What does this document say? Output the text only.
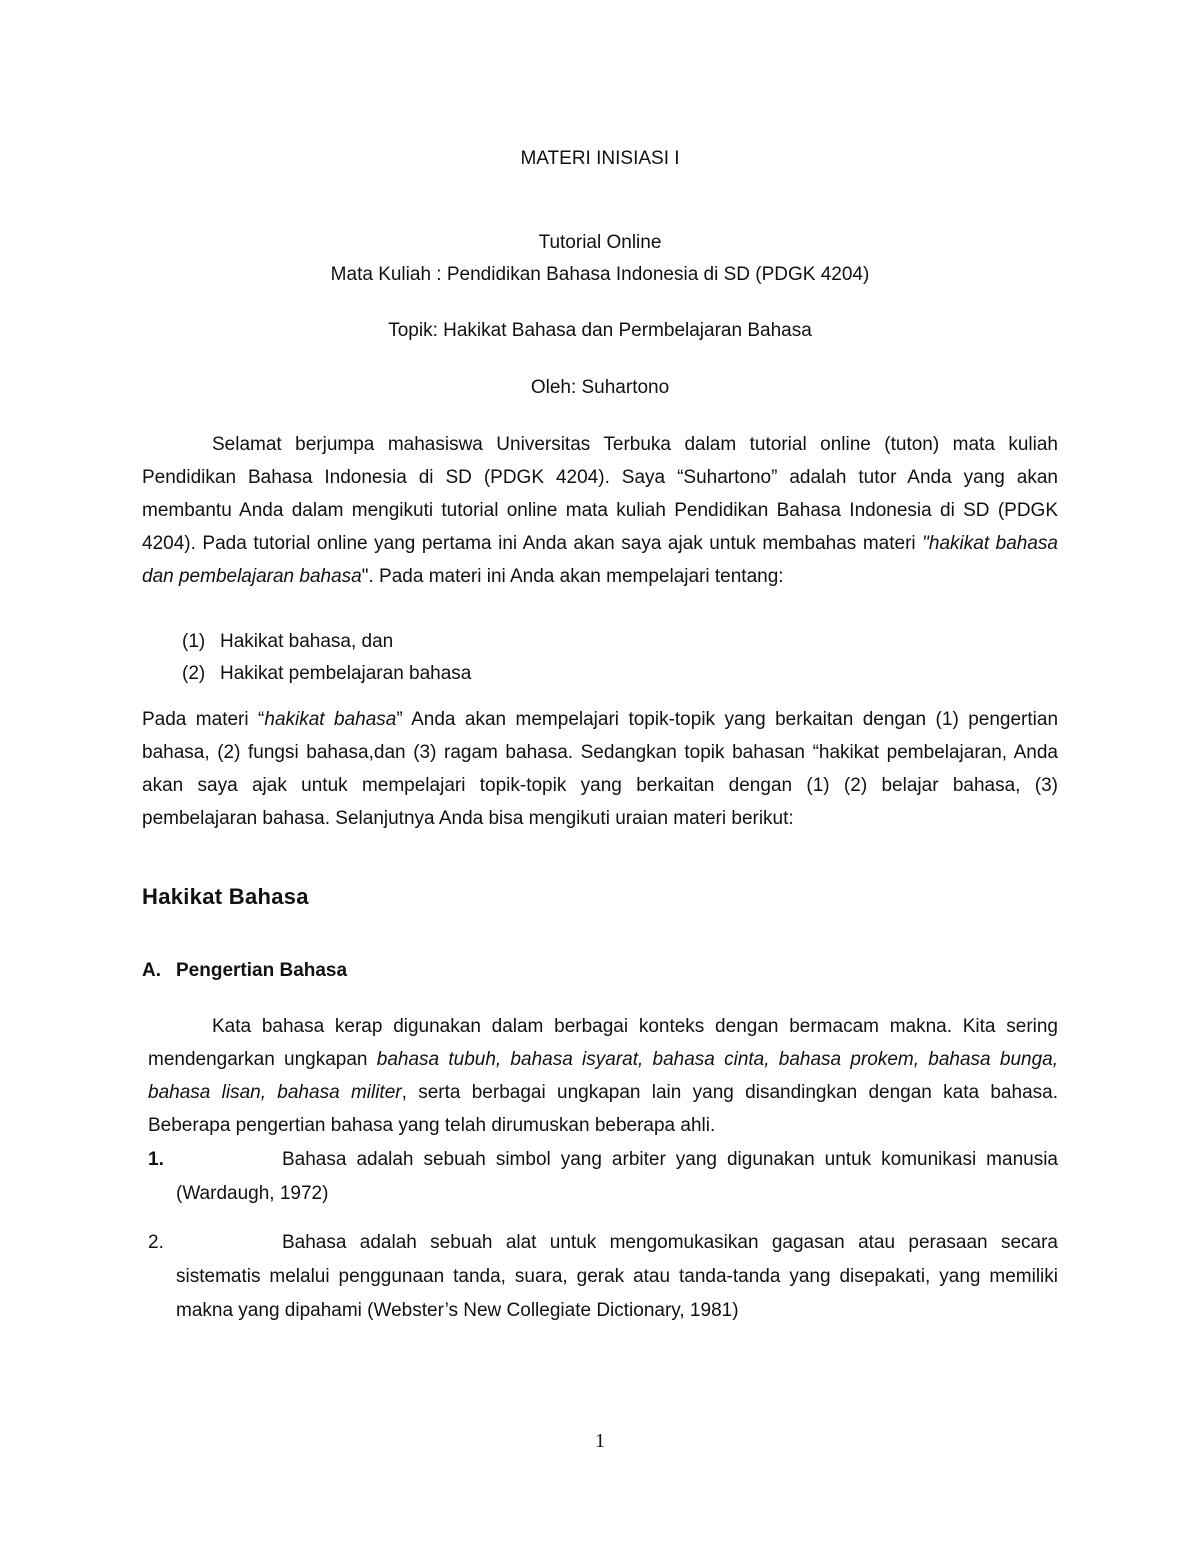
MATERI INISIASI I
Tutorial Online
Mata Kuliah : Pendidikan Bahasa Indonesia di SD (PDGK 4204)
Topik: Hakikat Bahasa dan Permbelajaran Bahasa
Oleh: Suhartono

Selamat berjumpa mahasiswa Universitas Terbuka dalam tutorial online (tuton) mata kuliah Pendidikan Bahasa Indonesia di SD (PDGK 4204). Saya “Suhartono” adalah tutor Anda yang akan membantu Anda dalam mengikuti tutorial online mata kuliah Pendidikan Bahasa Indonesia di SD (PDGK 4204). Pada tutorial online yang pertama ini Anda akan saya ajak untuk membahas materi "hakikat bahasa dan pembelajaran bahasa". Pada materi ini Anda akan mempelajari tentang:

(1) Hakikat bahasa, dan
(2) Hakikat pembelajaran bahasa

Pada materi “hakikat bahasa” Anda akan mempelajari topik-topik yang berkaitan dengan (1) pengertian bahasa, (2) fungsi bahasa,dan (3) ragam bahasa. Sedangkan topik bahasan “hakikat pembelajaran, Anda akan saya ajak untuk mempelajari topik-topik yang berkaitan dengan (1) (2) belajar bahasa, (3) pembelajaran bahasa. Selanjutnya Anda bisa mengikuti uraian materi berikut:

Hakikat Bahasa
A. Pengertian Bahasa

Kata bahasa kerap digunakan dalam berbagai konteks dengan bermacam makna. Kita sering mendengarkan ungkapan bahasa tubuh, bahasa isyarat, bahasa cinta, bahasa prokem, bahasa bunga, bahasa lisan, bahasa militer, serta berbagai ungkapan lain yang disandingkan dengan kata bahasa. Beberapa pengertian bahasa yang telah dirumuskan beberapa ahli.

1.	Bahasa adalah sebuah simbol yang arbiter yang digunakan untuk komunikasi manusia (Wardaugh, 1972)
2.	Bahasa adalah sebuah alat untuk mengomukasikan gagasan atau perasaan secara sistematis melalui penggunaan tanda, suara, gerak atau tanda-tanda yang disepakati, yang memiliki makna yang dipahami (Webster’s New Collegiate Dictionary, 1981)
1
